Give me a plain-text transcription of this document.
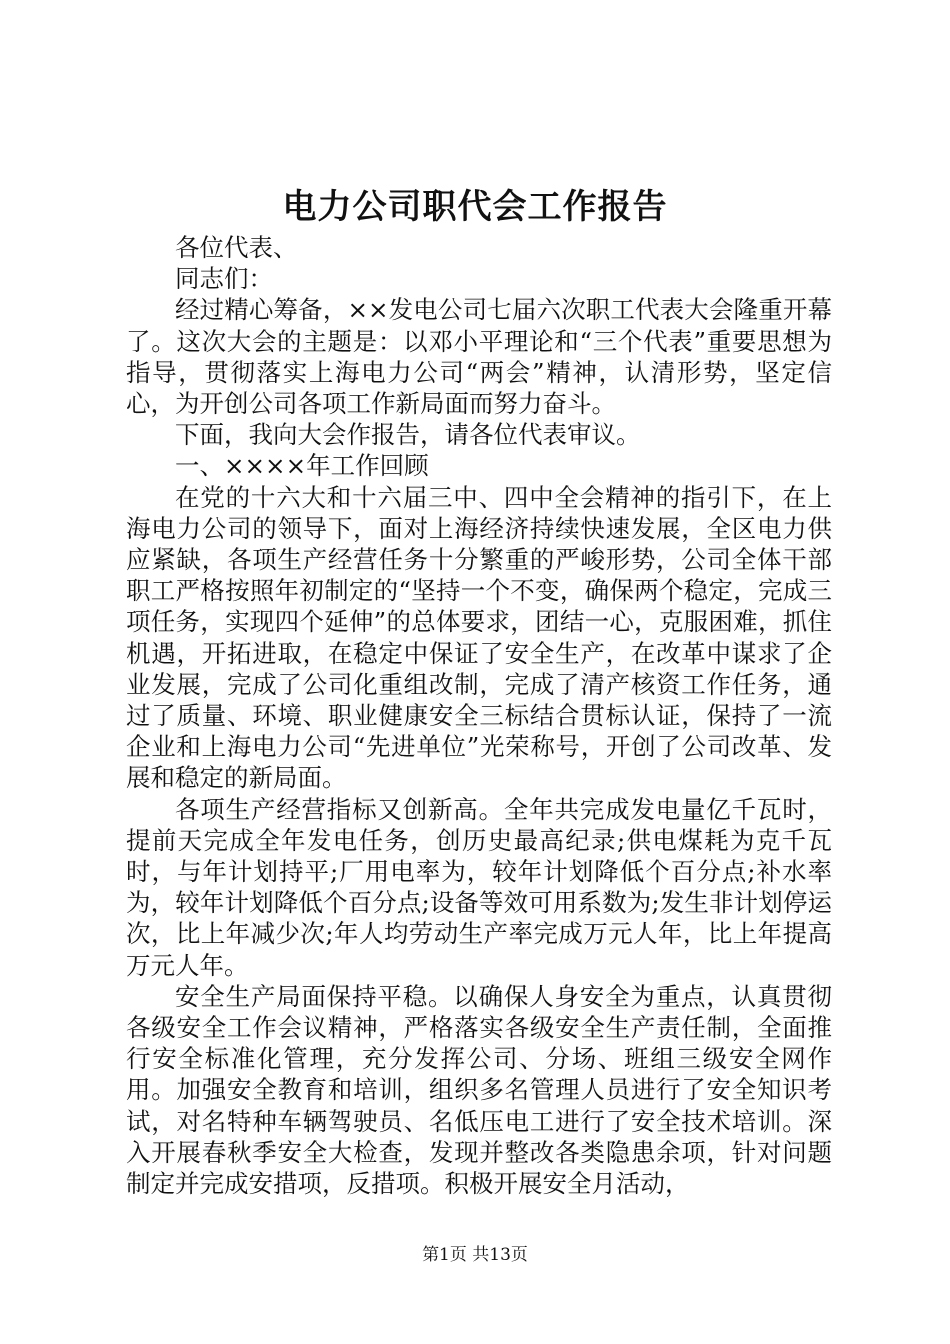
电力公司职代会工作报告

各位代表、

同志们：

经过精心筹备，××发电公司七届六次职工代表大会隆重开幕了。这次大会的主题是：以邓小平理论和“三个代表”重要思想为指导，贯彻落实上海电力公司“两会”精神，认清形势，坚定信心，为开创公司各项工作新局面而努力奋斗。

下面，我向大会作报告，请各位代表审议。

一、××××年工作回顾

在党的十六大和十六届三中、四中全会精神的指引下，在上海电力公司的领导下，面对上海经济持续快速发展，全区电力供应紧缺，各项生产经营任务十分繁重的严峻形势，公司全体干部职工严格按照年初制定的“坚持一个不变，确保两个稳定，完成三项任务，实现四个延伸”的总体要求，团结一心，克服困难，抓住机遇，开拓进取，在稳定中保证了安全生产，在改革中谋求了企业发展，完成了公司化重组改制，完成了清产核资工作任务，通过了质量、环境、职业健康安全三标结合贯标认证，保持了一流企业和上海电力公司“先进单位”光荣称号，开创了公司改革、发展和稳定的新局面。

各项生产经营指标又创新高。全年共完成发电量亿千瓦时，提前天完成全年发电任务，创历史最高纪录;供电煤耗为克千瓦时，与年计划持平;厂用电率为，较年计划降低个百分点;补水率为，较年计划降低个百分点;设备等效可用系数为;发生非计划停运次，比上年减少次;年人均劳动生产率完成万元人年，比上年提高万元人年。

安全生产局面保持平稳。以确保人身安全为重点，认真贯彻各级安全工作会议精神，严格落实各级安全生产责任制，全面推行安全标准化管理，充分发挥公司、分场、班组三级安全网作用。加强安全教育和培训，组织多名管理人员进行了安全知识考试，对名特种车辆驾驶员、名低压电工进行了安全技术培训。深入开展春秋季安全大检查，发现并整改各类隐患余项，针对问题制定并完成安措项，反措项。积极开展安全月活动，

第1页 共13页
